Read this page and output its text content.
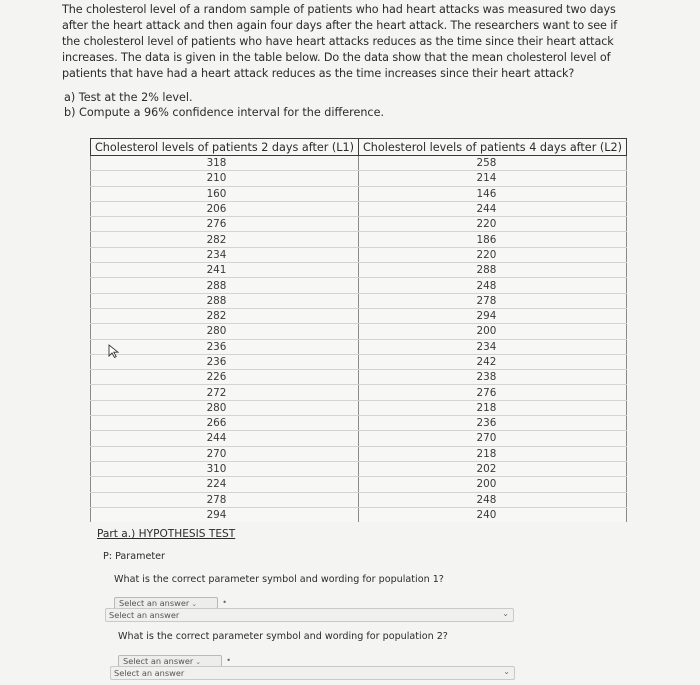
The cholesterol level of a random sample of patients who had heart attacks was measured two days after the heart attack and then again four days after the heart attack. The researchers want to see if the cholesterol level of patients who have heart attacks reduces as the time since their heart attack increases. The data is given in the table below. Do the data show that the mean cholesterol level of patients that have had a heart attack reduces as the time increases since their heart attack?
a) Test at the 2% level.
b) Compute a 96% confidence interval for the difference.
Cholesterol levels of patients 2 days after (L1)	Cholesterol levels of patients 4 days after (L2)
318	258
210	214
160	146
206	244
276	220
282	186
234	220
241	288
288	248
288	278
282	294
280	200
236	234
236	242
226	238
272	276
280	218
266	236
244	270
270	218
310	202
224	200
278	248
294	240
Part a.) HYPOTHESIS TEST
P: Parameter
What is the correct parameter symbol and wording for population 1?
Select an answer ⌄	•
Select an answer	⌄
What is the correct parameter symbol and wording for population 2?
Select an answer ⌄	•
Select an answer	⌄
